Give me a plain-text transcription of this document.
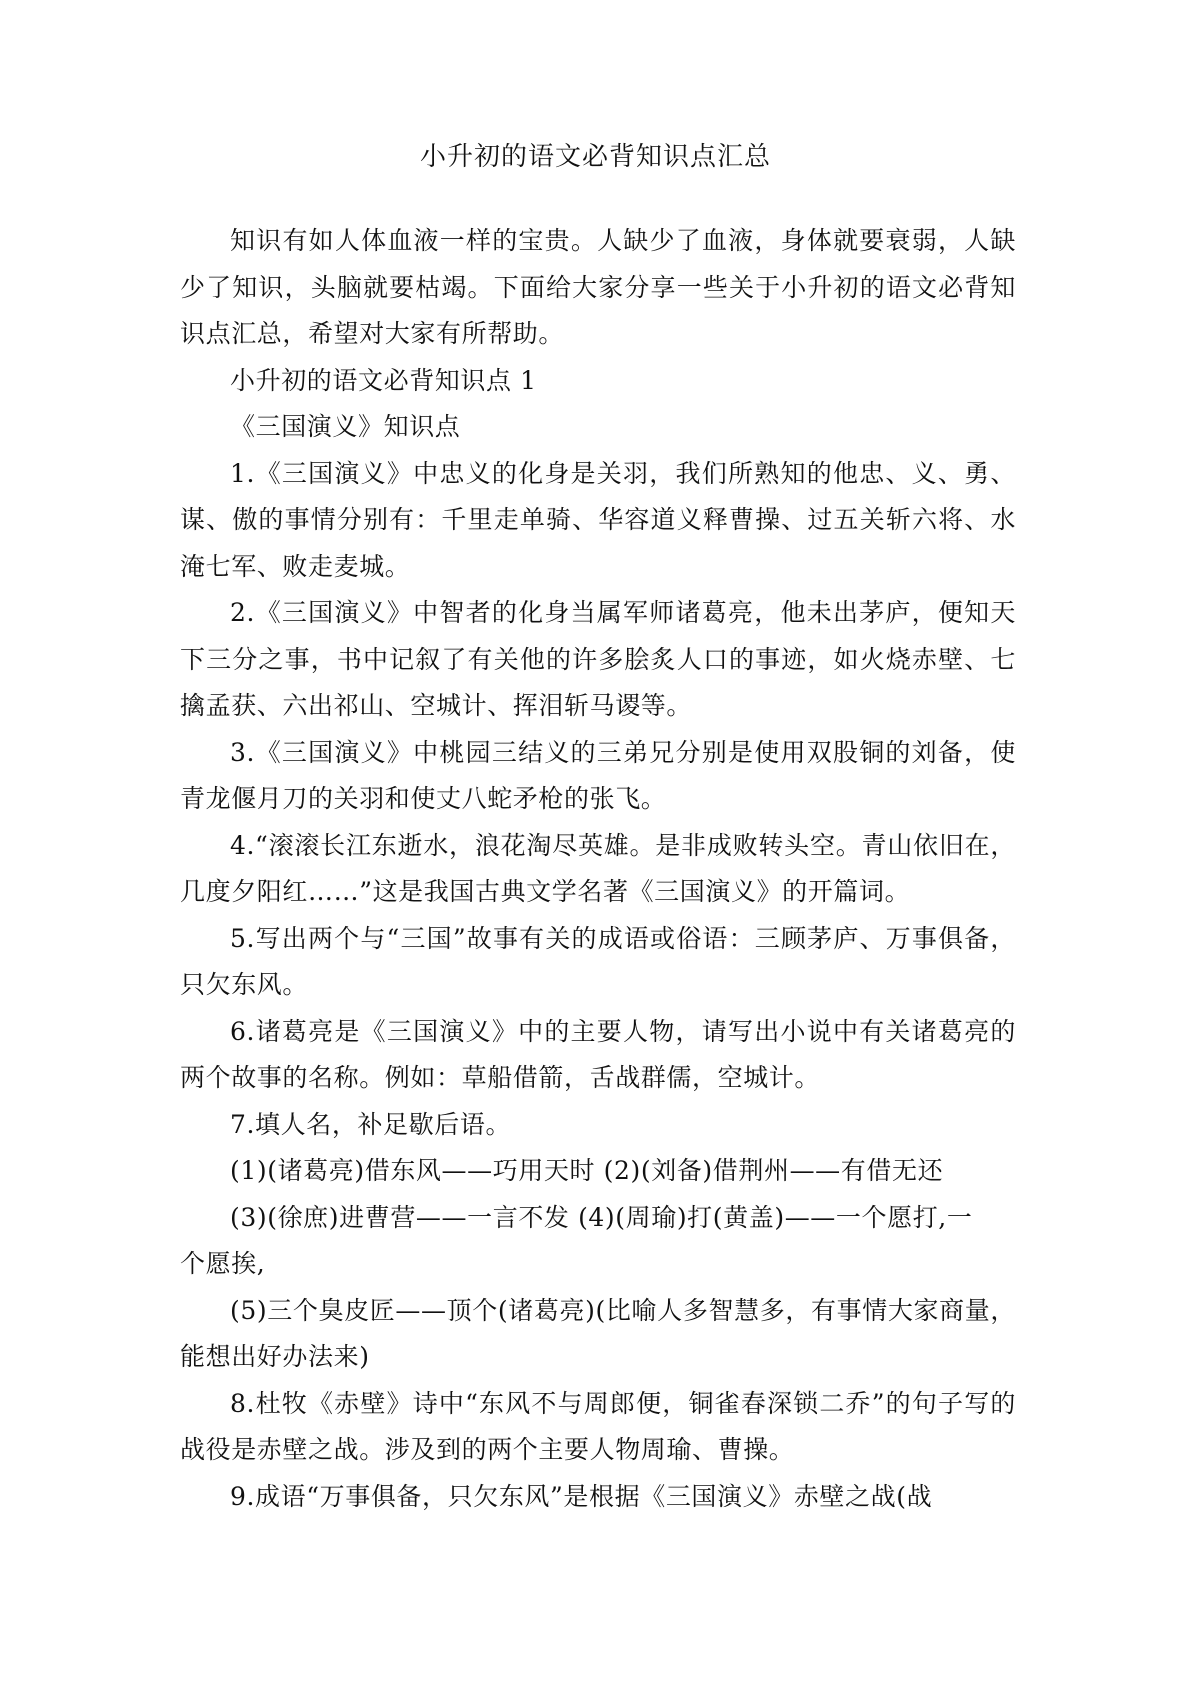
小升初的语文必背知识点汇总

知识有如人体血液一样的宝贵。人缺少了血液，身体就要衰弱，人缺少了知识，头脑就要枯竭。下面给大家分享一些关于小升初的语文必背知识点汇总，希望对大家有所帮助。

小升初的语文必背知识点 1

《三国演义》知识点

1.《三国演义》中忠义的化身是关羽，我们所熟知的他忠、义、勇、谋、傲的事情分别有：千里走单骑、华容道义释曹操、过五关斩六将、水淹七军、败走麦城。

2.《三国演义》中智者的化身当属军师诸葛亮，他未出茅庐，便知天下三分之事，书中记叙了有关他的许多脍炙人口的事迹，如火烧赤壁、七擒孟获、六出祁山、空城计、挥泪斩马谡等。

3.《三国演义》中桃园三结义的三弟兄分别是使用双股铜的刘备，使青龙偃月刀的关羽和使丈八蛇矛枪的张飞。

4.“滚滚长江东逝水，浪花淘尽英雄。是非成败转头空。青山依旧在，几度夕阳红……”这是我国古典文学名著《三国演义》的开篇词。

5.写出两个与“三国”故事有关的成语或俗语：三顾茅庐、万事俱备，只欠东风。

6.诸葛亮是《三国演义》中的主要人物，请写出小说中有关诸葛亮的两个故事的名称。例如：草船借箭，舌战群儒，空城计。

7.填人名，补足歇后语。

(1)(诸葛亮)借东风——巧用天时 (2)(刘备)借荆州——有借无还

(3)(徐庶)进曹营——一言不发 (4)(周瑜)打(黄盖)——一个愿打,一

个愿挨,

(5)三个臭皮匠——顶个(诸葛亮)(比喻人多智慧多，有事情大家商量，能想出好办法来)

8.杜牧《赤壁》诗中“东风不与周郎便，铜雀春深锁二乔”的句子写的战役是赤壁之战。涉及到的两个主要人物周瑜、曹操。

9.成语“万事俱备，只欠东风”是根据《三国演义》赤壁之战(战
